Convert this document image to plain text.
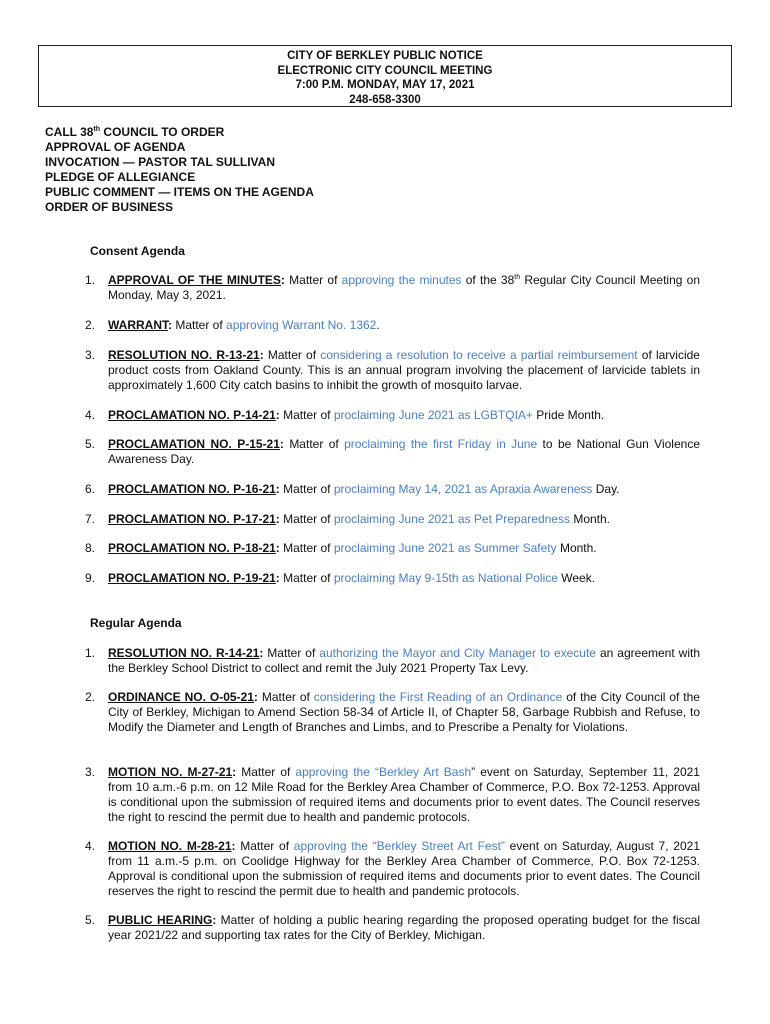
CITY OF BERKLEY PUBLIC NOTICE
ELECTRONIC CITY COUNCIL MEETING
7:00 P.M. MONDAY, MAY 17, 2021
248-658-3300
CALL 38th COUNCIL TO ORDER
APPROVAL OF AGENDA
INVOCATION — PASTOR TAL SULLIVAN
PLEDGE OF ALLEGIANCE
PUBLIC COMMENT — ITEMS ON THE AGENDA
ORDER OF BUSINESS
Consent Agenda
1.	APPROVAL OF THE MINUTES: Matter of approving the minutes of the 38th Regular City Council Meeting on Monday, May 3, 2021.
2.	WARRANT: Matter of approving Warrant No. 1362.
3.	RESOLUTION NO. R-13-21: Matter of considering a resolution to receive a partial reimbursement of larvicide product costs from Oakland County. This is an annual program involving the placement of larvicide tablets in approximately 1,600 City catch basins to inhibit the growth of mosquito larvae.
4.	PROCLAMATION NO. P-14-21: Matter of proclaiming June 2021 as LGBTQIA+ Pride Month.
5.	PROCLAMATION NO. P-15-21: Matter of proclaiming the first Friday in June to be National Gun Violence Awareness Day.
6.	PROCLAMATION NO. P-16-21: Matter of proclaiming May 14, 2021 as Apraxia Awareness Day.
7.	PROCLAMATION NO. P-17-21: Matter of proclaiming June 2021 as Pet Preparedness Month.
8.	PROCLAMATION NO. P-18-21: Matter of proclaiming June 2021 as Summer Safety Month.
9.	PROCLAMATION NO. P-19-21: Matter of proclaiming May 9-15th as National Police Week.
Regular Agenda
1.	RESOLUTION NO. R-14-21: Matter of authorizing the Mayor and City Manager to execute an agreement with the Berkley School District to collect and remit the July 2021 Property Tax Levy.
2.	ORDINANCE NO. O-05-21: Matter of considering the First Reading of an Ordinance of the City Council of the City of Berkley, Michigan to Amend Section 58-34 of Article II, of Chapter 58, Garbage Rubbish and Refuse, to Modify the Diameter and Length of Branches and Limbs, and to Prescribe a Penalty for Violations.
3.	MOTION NO. M-27-21: Matter of approving the “Berkley Art Bash” event on Saturday, September 11, 2021 from 10 a.m.-6 p.m. on 12 Mile Road for the Berkley Area Chamber of Commerce, P.O. Box 72-1253. Approval is conditional upon the submission of required items and documents prior to event dates. The Council reserves the right to rescind the permit due to health and pandemic protocols.
4.	MOTION NO. M-28-21: Matter of approving the “Berkley Street Art Fest” event on Saturday, August 7, 2021 from 11 a.m.-5 p.m. on Coolidge Highway for the Berkley Area Chamber of Commerce, P.O. Box 72-1253. Approval is conditional upon the submission of required items and documents prior to event dates. The Council reserves the right to rescind the permit due to health and pandemic protocols.
5.	PUBLIC HEARING: Matter of holding a public hearing regarding the proposed operating budget for the fiscal year 2021/22 and supporting tax rates for the City of Berkley, Michigan.
